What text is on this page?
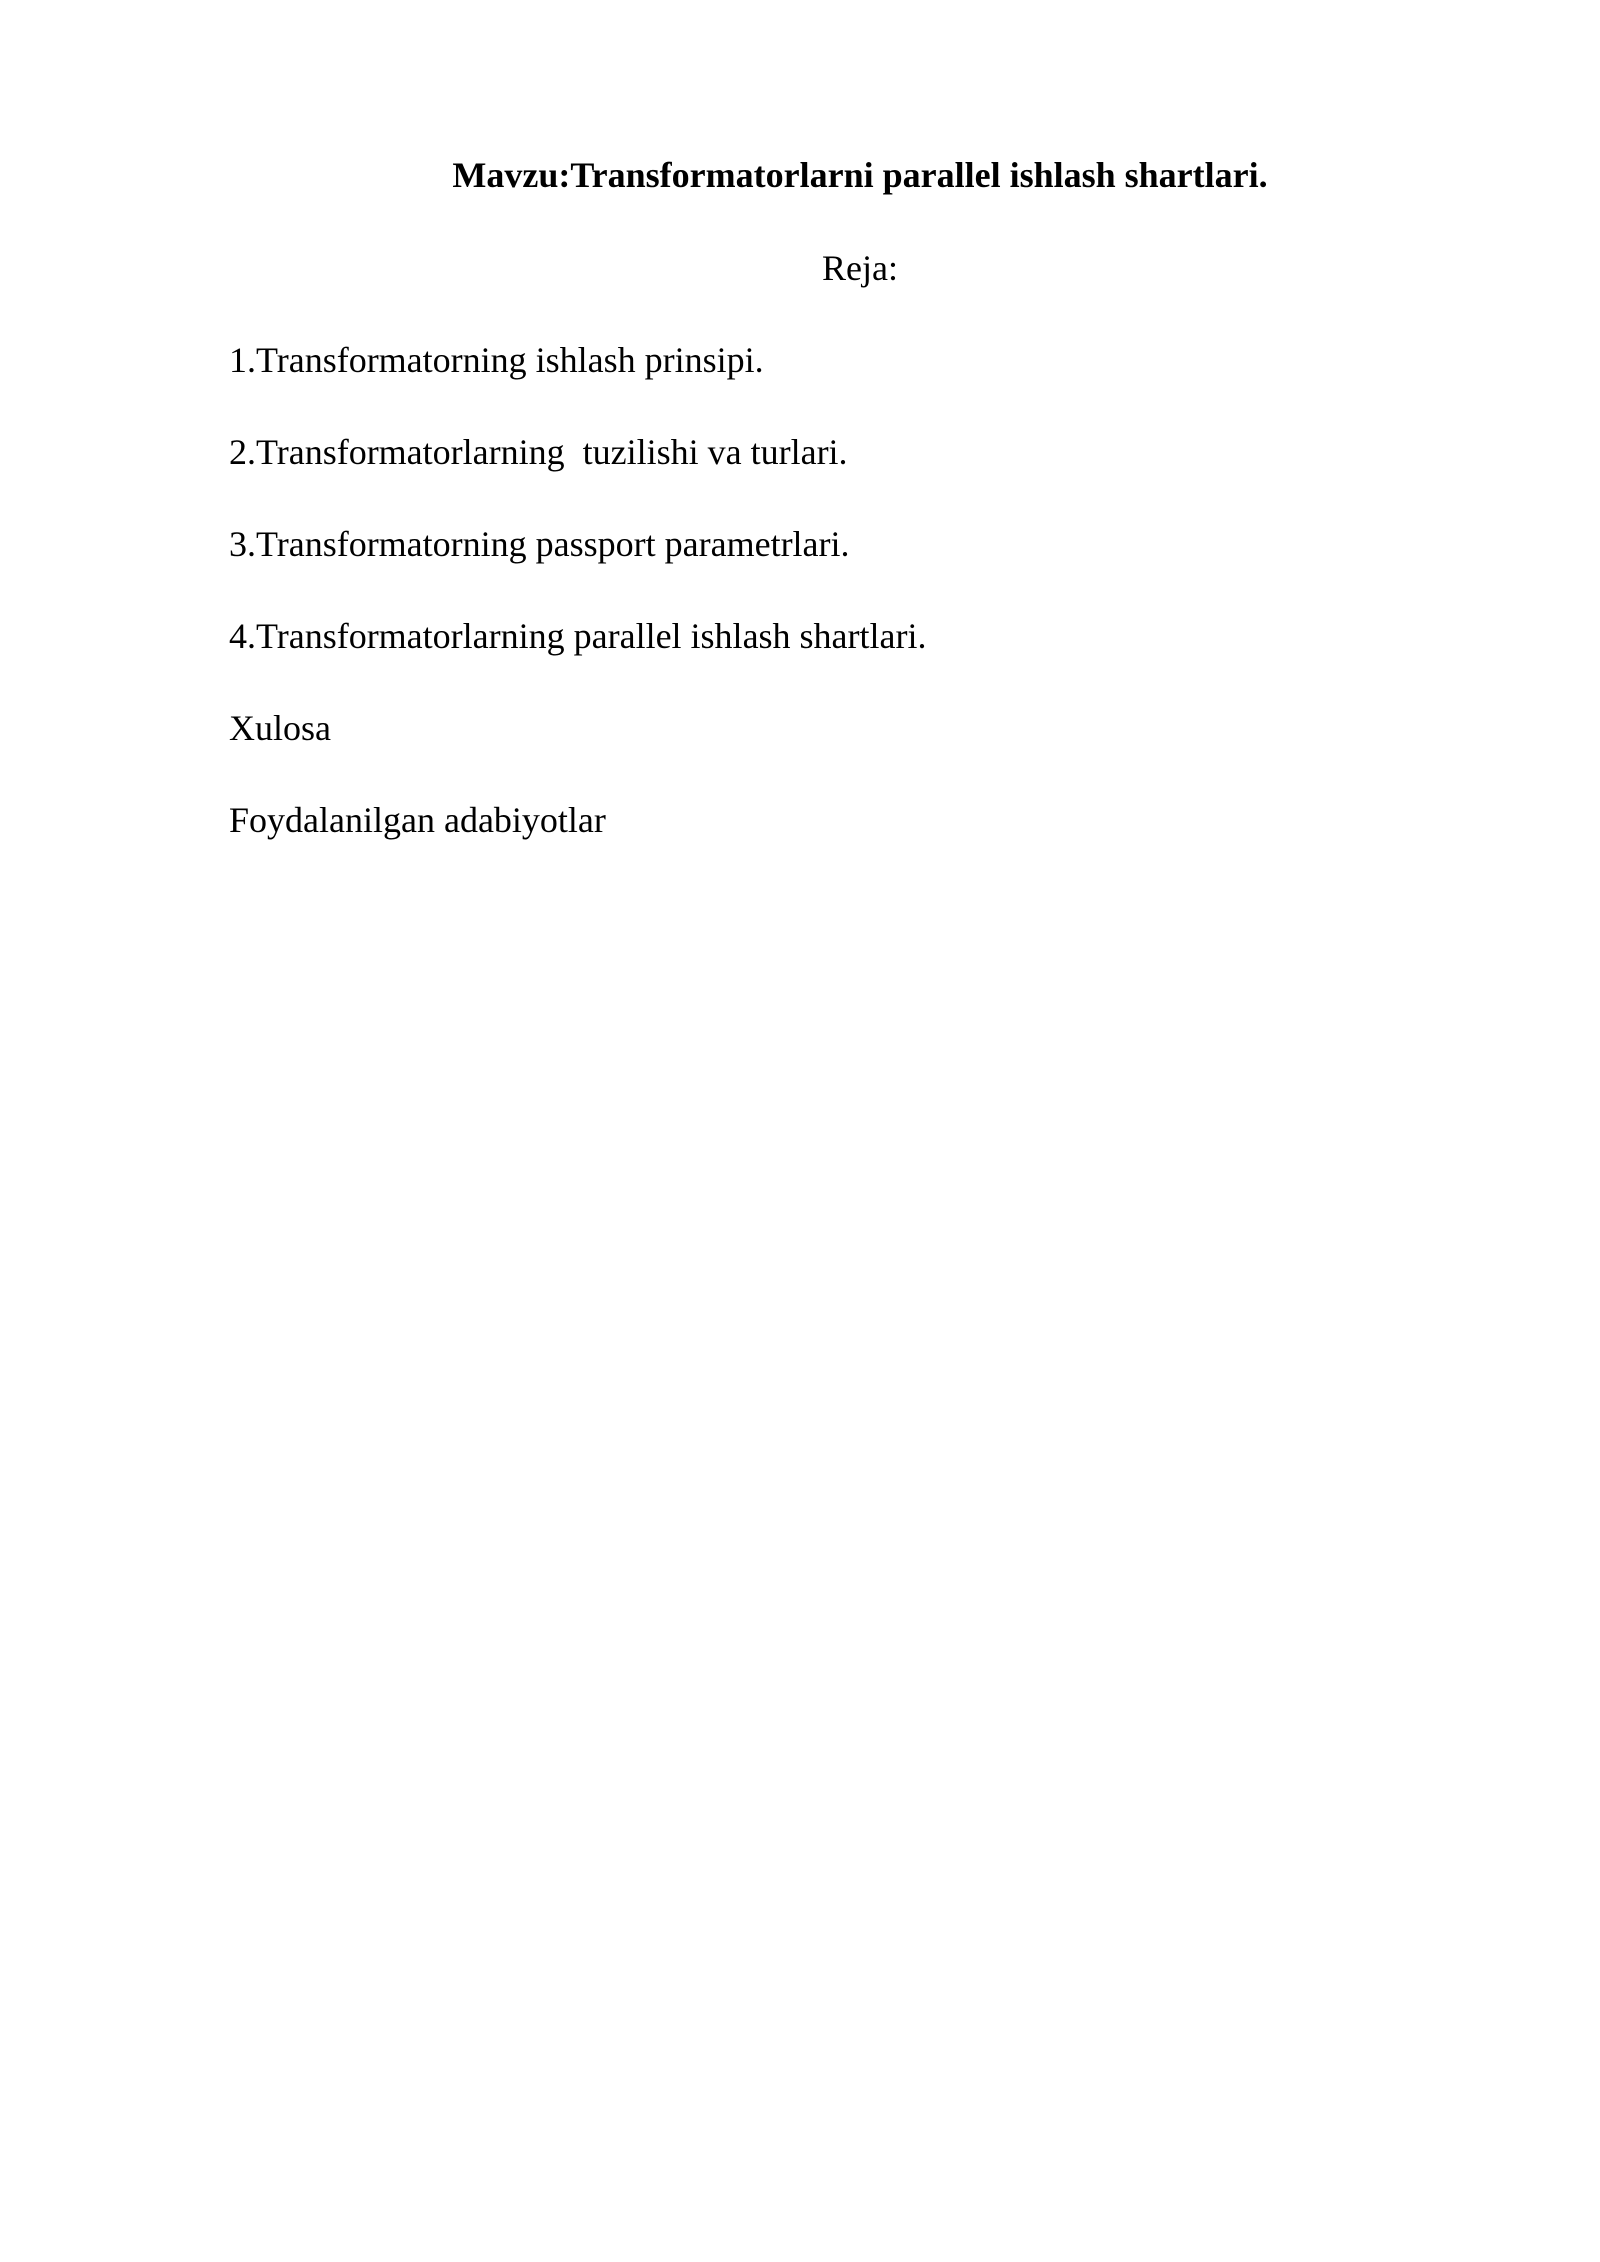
Mavzu:Transformatorlarni parallel ishlash shartlari.

Reja:

1.Transformatorning ishlash prinsipi.
2.Transformatorlarning  tuzilishi va turlari.
3.Transformatorning passport parametrlari.
4.Transformatorlarning parallel ishlash shartlari.
Xulosa
Foydalanilgan adabiyotlar
